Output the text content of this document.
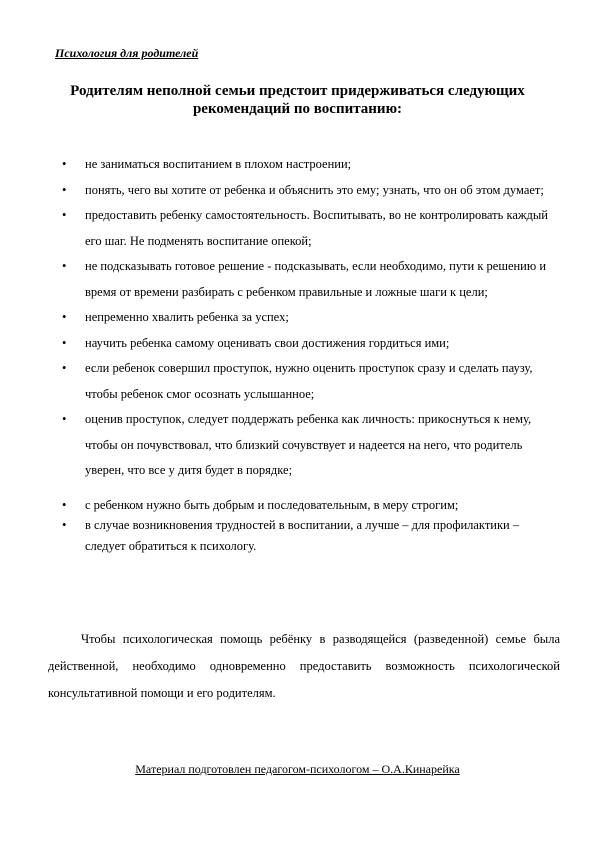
Психология для родителей
Родителям неполной семьи предстоит придерживаться следующих рекомендаций по воспитанию:
•	не заниматься воспитанием в плохом настроении;
•	понять, чего вы хотите от ребенка и объяснить это ему; узнать, что он об этом думает;
•	предоставить ребенку самостоятельность. Воспитывать, во не контролировать каждый его шаг. Не подменять воспитание опекой;
•	не подсказывать готовое решение - подсказывать, если необходимо, пути к решению и время от времени разбирать с ребенком правильные и ложные шаги к цели;
•	непременно хвалить ребенка за успех;
•	научить ребенка самому оценивать свои достижения гордиться ими;
•	если ребенок совершил проступок, нужно оценить проступок сразу и сделать паузу, чтобы ребенок смог осознать услышанное;
•	оценив проступок, следует поддержать ребенка как личность: прикоснуться к нему, чтобы он почувствовал, что близкий сочувствует и надеется на него, что родитель уверен, что все у дитя будет в порядке;
•	с ребенком нужно быть добрым и последовательным, в меру строгим;
•	в случае возникновения трудностей в воспитании, а лучше – для профилактики – следует обратиться к психологу.
Чтобы психологическая помощь ребёнку в разводящейся (разведенной) семье была действенной, необходимо одновременно предоставить возможность психологической консультативной помощи и его родителям.
Материал подготовлен педагогом-психологом – О.А.Кинарейка
